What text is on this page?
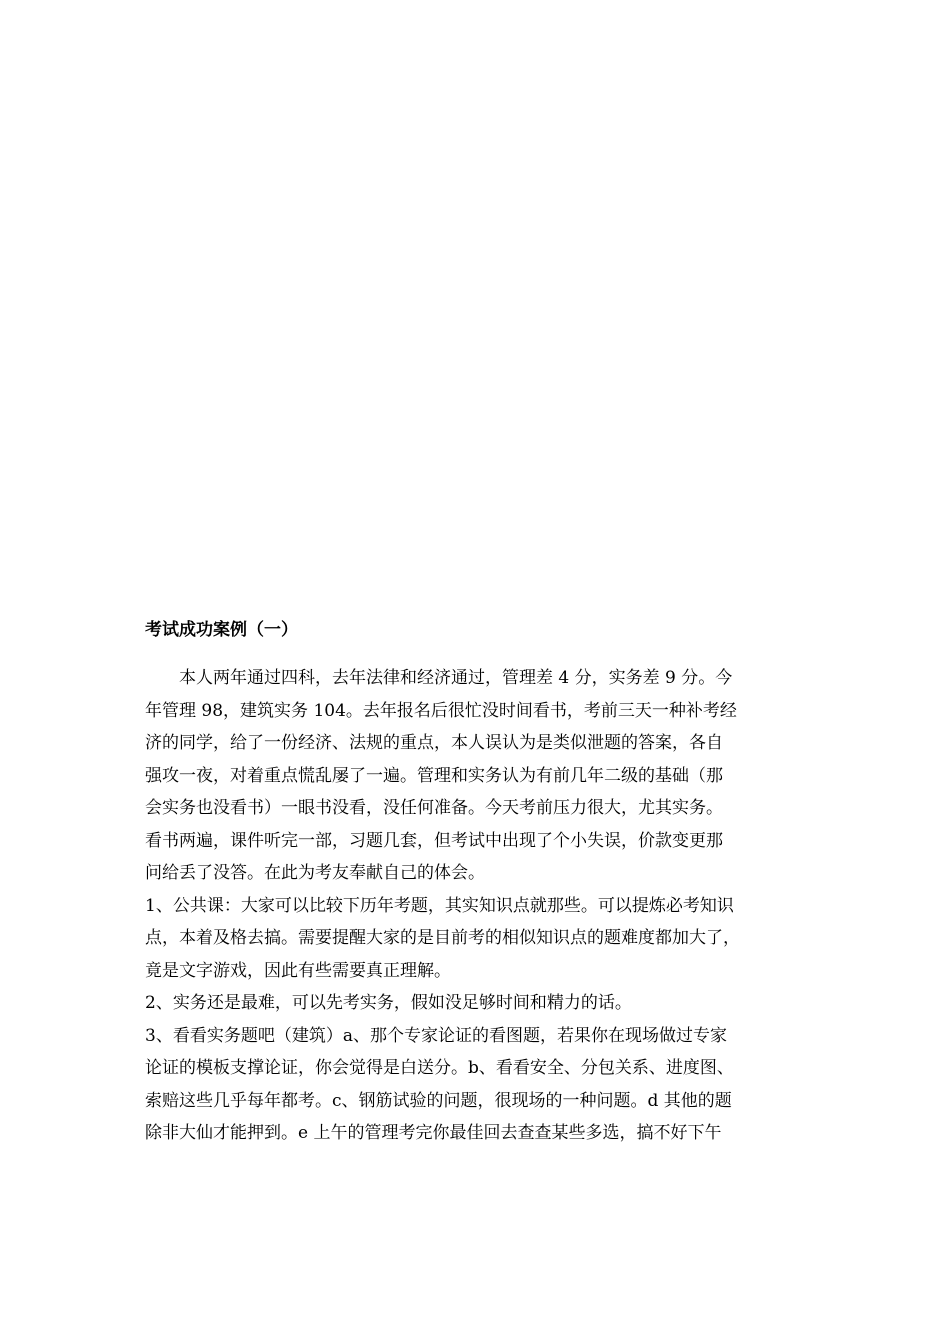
考试成功案例（一）

本人两年通过四科，去年法律和经济通过，管理差 4 分，实务差 9 分。今
年管理 98，建筑实务 104。去年报名后很忙没时间看书，考前三天一种补考经
济的同学，给了一份经济、法规的重点，本人误认为是类似泄题的答案，各自
强攻一夜，对着重点慌乱屡了一遍。管理和实务认为有前几年二级的基础（那
会实务也没看书）一眼书没看，没任何准备。今天考前压力很大，尤其实务。
看书两遍，课件听完一部，习题几套，但考试中出现了个小失误，价款变更那
问给丢了没答。在此为考友奉献自己的体会。

1、公共课：大家可以比较下历年考题，其实知识点就那些。可以提炼必考知识
点，本着及格去搞。需要提醒大家的是目前考的相似知识点的题难度都加大了，
竟是文字游戏，因此有些需要真正理解。

2、实务还是最难，可以先考实务，假如没足够时间和精力的话。

3、看看实务题吧（建筑）a、那个专家论证的看图题，若果你在现场做过专家
论证的模板支撑论证，你会觉得是白送分。b、看看安全、分包关系、进度图、
索赔这些几乎每年都考。c、钢筋试验的问题，很现场的一种问题。d 其他的题
除非大仙才能押到。e 上午的管理考完你最佳回去查查某些多选，搞不好下午
